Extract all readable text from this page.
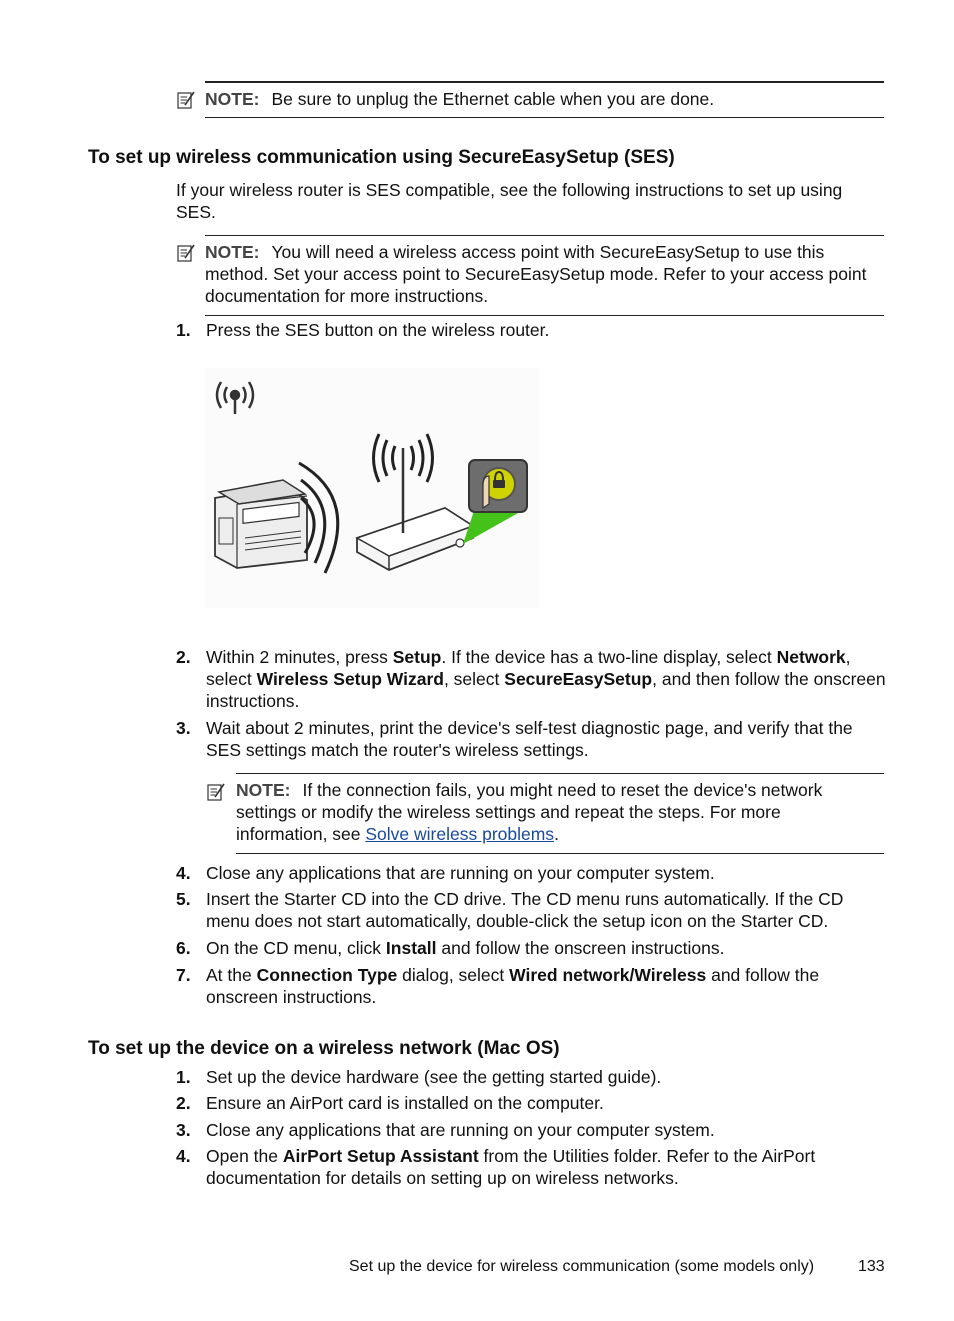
NOTE: Be sure to unplug the Ethernet cable when you are done.
To set up wireless communication using SecureEasySetup (SES)
If your wireless router is SES compatible, see the following instructions to set up using SES.
NOTE: You will need a wireless access point with SecureEasySetup to use this method. Set your access point to SecureEasySetup mode. Refer to your access point documentation for more instructions.
1. Press the SES button on the wireless router.
2. Within 2 minutes, press Setup. If the device has a two-line display, select Network, select Wireless Setup Wizard, select SecureEasySetup, and then follow the onscreen instructions.
3. Wait about 2 minutes, print the device's self-test diagnostic page, and verify that the SES settings match the router's wireless settings.
NOTE: If the connection fails, you might need to reset the device's network settings or modify the wireless settings and repeat the steps. For more information, see Solve wireless problems.
4. Close any applications that are running on your computer system.
5. Insert the Starter CD into the CD drive. The CD menu runs automatically. If the CD menu does not start automatically, double-click the setup icon on the Starter CD.
6. On the CD menu, click Install and follow the onscreen instructions.
7. At the Connection Type dialog, select Wired network/Wireless and follow the onscreen instructions.
To set up the device on a wireless network (Mac OS)
1. Set up the device hardware (see the getting started guide).
2. Ensure an AirPort card is installed on the computer.
3. Close any applications that are running on your computer system.
4. Open the AirPort Setup Assistant from the Utilities folder. Refer to the AirPort documentation for details on setting up on wireless networks.
Set up the device for wireless communication (some models only)	133
